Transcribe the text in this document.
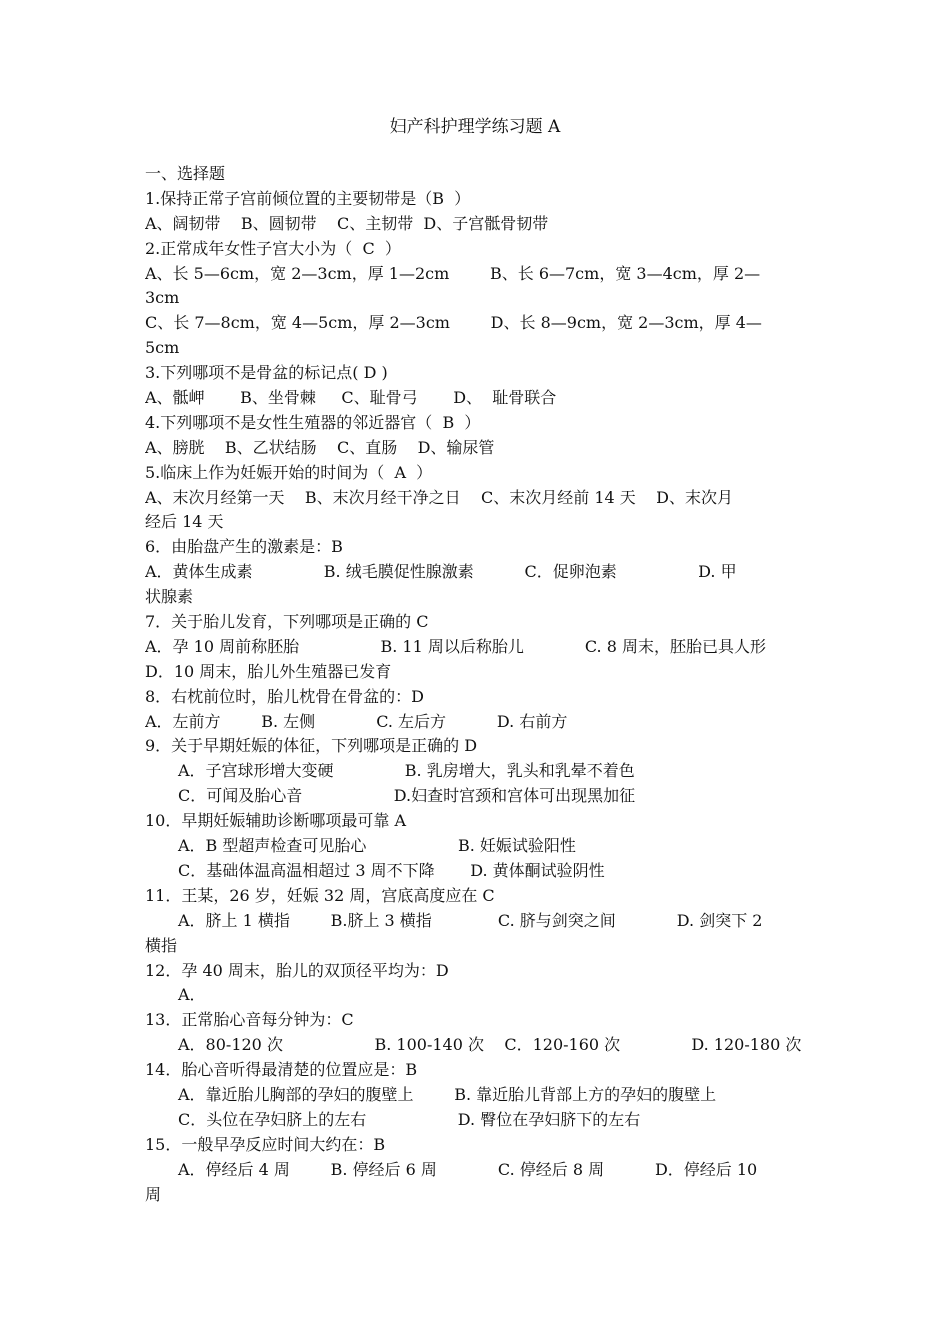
妇产科护理学练习题 A
一、选择题
1.保持正常子宫前倾位置的主要韧带是（B  ）
A、阔韧带    B、圆韧带    C、主韧带  D、子宫骶骨韧带
2.正常成年女性子宫大小为（  C  ）
A、长 5—6cm，宽 2—3cm，厚 1—2cm        B、长 6—7cm，宽 3—4cm，厚 2—
3cm
C、长 7—8cm，宽 4—5cm，厚 2—3cm        D、长 8—9cm，宽 2—3cm，厚 4—
5cm
3.下列哪项不是骨盆的标记点( D )
A、骶岬       B、坐骨棘     C、耻骨弓       D、  耻骨联合
4.下列哪项不是女性生殖器的邻近器官（  B  ）
A、膀胱    B、乙状结肠    C、直肠    D、输尿管
5.临床上作为妊娠开始的时间为（  A  ）
A、末次月经第一天    B、末次月经干净之日    C、末次月经前 14 天    D、末次月
经后 14 天
6．由胎盘产生的激素是：B
A．黄体生成素              B. 绒毛膜促性腺激素          C．促卵泡素                D. 甲
状腺素
7．关于胎儿发育，下列哪项是正确的 C
A．孕 10 周前称胚胎                B. 11 周以后称胎儿            C. 8 周末，胚胎已具人形
D．10 周末，胎儿外生殖器已发育
8．右枕前位时，胎儿枕骨在骨盆的：D
A．左前方        B. 左侧            C. 左后方          D. 右前方
9．关于早期妊娠的体征，下列哪项是正确的 D
A．子宫球形增大变硬              B. 乳房增大，乳头和乳晕不着色
C．可闻及胎心音                  D.妇查时宫颈和宫体可出现黑加征
10．早期妊娠辅助诊断哪项最可靠 A
A．B 型超声检查可见胎心                  B. 妊娠试验阳性
C．基础体温高温相超过 3 周不下降       D. 黄体酮试验阴性
11．王某，26 岁，妊娠 32 周，宫底高度应在 C
A．脐上 1 横指        B.脐上 3 横指             C. 脐与剑突之间            D. 剑突下 2
横指
12．孕 40 周末，胎儿的双顶径平均为：D
A．
13．正常胎心音每分钟为：C
A．80-120 次                  B. 100-140 次    C．120-160 次              D. 120-180 次
14．胎心音听得最清楚的位置应是：B
A．靠近胎儿胸部的孕妇的腹壁上        B. 靠近胎儿背部上方的孕妇的腹壁上
C．头位在孕妇脐上的左右                  D. 臀位在孕妇脐下的左右
15．一般早孕反应时间大约在：B
A．停经后 4 周        B. 停经后 6 周            C. 停经后 8 周          D．停经后 10
周
